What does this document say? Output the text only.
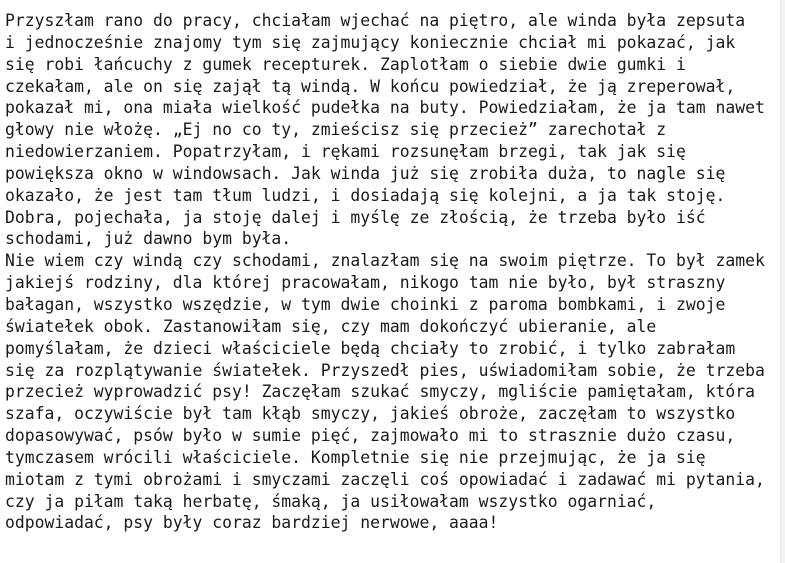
Przyszłam rano do pracy, chciałam wjechać na piętro, ale winda była zepsuta
i jednocześnie znajomy tym się zajmujący koniecznie chciał mi pokazać, jak
się robi łańcuchy z gumek recepturek. Zaplotłam o siebie dwie gumki i
czekałam, ale on się zajął tą windą. W końcu powiedział, że ją zreperował,
pokazał mi, ona miała wielkość pudełka na buty. Powiedziałam, że ja tam nawet
głowy nie włożę. „Ej no co ty, zmieścisz się przecież” zarechotał z
niedowierzaniem. Popatrzyłam, i rękami rozsunęłam brzegi, tak jak się
powiększa okno w windowsach. Jak winda już się zrobiła duża, to nagle się
okazało, że jest tam tłum ludzi, i dosiadają się kolejni, a ja tak stoję.
Dobra, pojechała, ja stoję dalej i myślę ze złością, że trzeba było iść
schodami, już dawno bym była.
Nie wiem czy windą czy schodami, znalazłam się na swoim piętrze. To był zamek
jakiejś rodziny, dla której pracowałam, nikogo tam nie było, był straszny
bałagan, wszystko wszędzie, w tym dwie choinki z paroma bombkami, i zwoje
światełek obok. Zastanowiłam się, czy mam dokończyć ubieranie, ale
pomyślałam, że dzieci właściciele będą chciały to zrobić, i tylko zabrałam
się za rozplątywanie światełek. Przyszedł pies, uświadomiłam sobie, że trzeba
przecież wyprowadzić psy! Zaczęłam szukać smyczy, mgliście pamiętałam, która
szafa, oczywiście był tam kłąb smyczy, jakieś obroże, zaczęłam to wszystko
dopasowywać, psów było w sumie pięć, zajmowało mi to strasznie dużo czasu,
tymczasem wrócili właściciele. Kompletnie się nie przejmując, że ja się
miotam z tymi obrożami i smyczami zaczęli coś opowiadać i zadawać mi pytania,
czy ja piłam taką herbatę, śmaką, ja usiłowałam wszystko ogarniać,
odpowiadać, psy były coraz bardziej nerwowe, aaaa!
